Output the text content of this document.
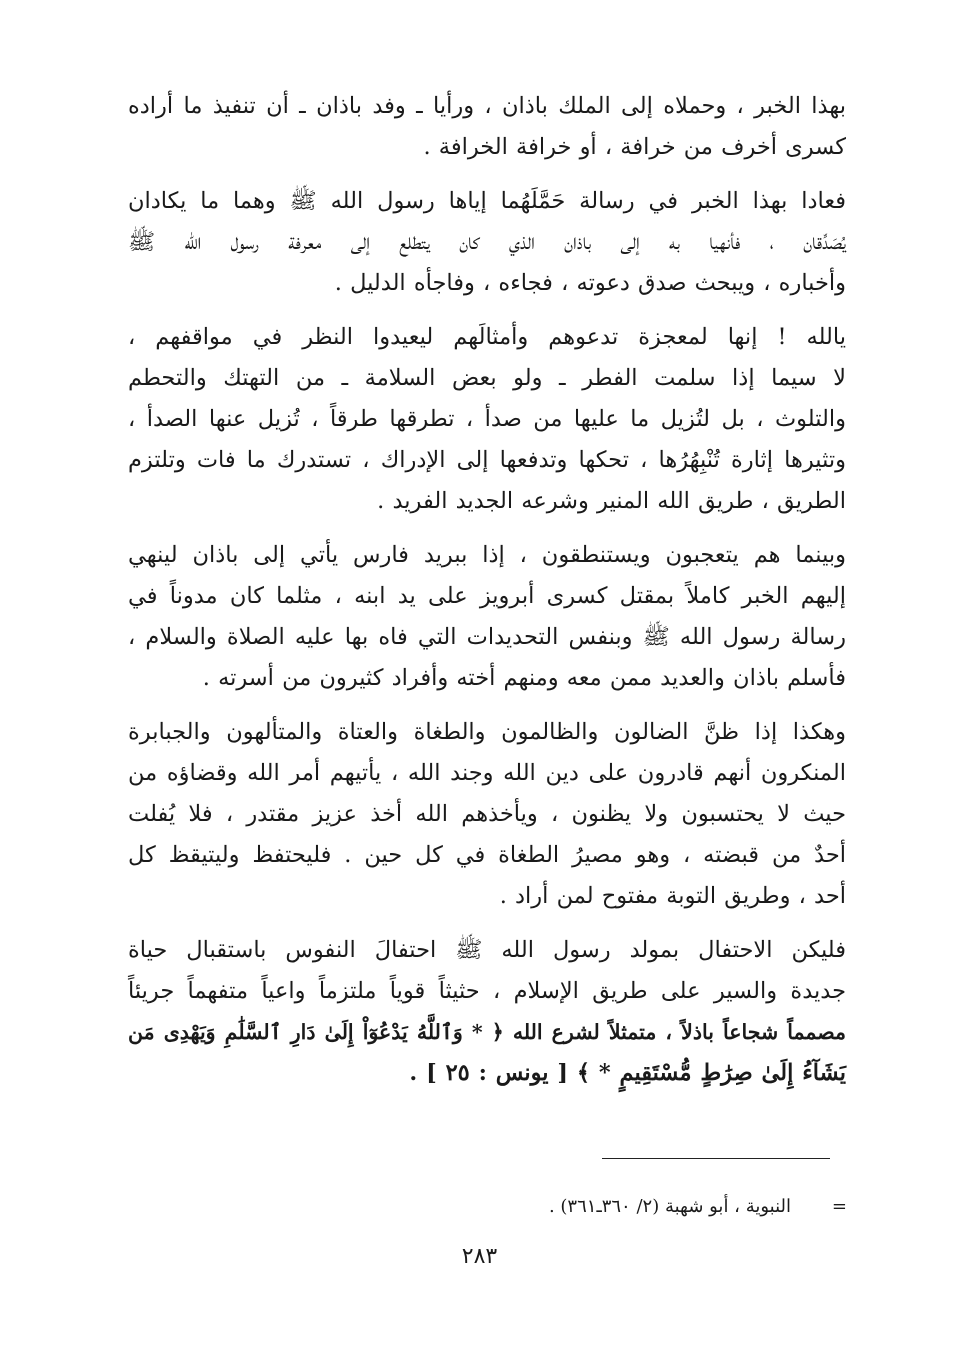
بهذا الخبر ، وحملاه إلى الملك باذان ، ورأيا ـ وفد باذان ـ أن تنفيذ ما أراده
كسرى أخرف من خرافة ، أو خرافة الخرافة .

فعادا بهذا الخبر في رسالة حَمَّلَهُما إياها رسول الله ﷺ وهما ما يكادان
يُصَدِّقان ، فأنهيا به إلى باذان الذي كان يتطلع إلى معرفة رسول الله ﷺ
وأخباره ، ويبحث صدق دعوته ، فجاءه ، وفاجأه الدليل .

يالله ! إنها لمعجزة تدعوهم وأمثالَهم ليعيدوا النظر في مواقفهم ،
لا سيما إذا سلمت الفطر ـ ولو بعض السلامة ـ من التهتك والتحطم
والتلوث ، بل لتُزيل ما عليها من صدأ ، تطرقها طرقاً ، تُزيل عنها الصدأ ،
وتثيرها إثارة تُنْبِهُرُها ، تحكها وتدفعها إلى الإدراك ، تستدرك ما فات وتلتزم
الطريق ، طريق الله المنير وشرعه الجديد الفريد .

وبينما هم يتعجبون ويستنطقون ، إذا ببريد فارس يأتي إلى باذان لينهي
إليهم الخبر كاملاً بمقتل كسرى أبرويز على يد ابنه ، مثلما كان مدوناً في
رسالة رسول الله ﷺ وبنفس التحديدات التي فاه بها عليه الصلاة والسلام ،
فأسلم باذان والعديد ممن معه ومنهم أخته وأفراد كثيرون من أسرته .

وهكذا إذا ظنَّ الضالون والظالمون والطغاة والعتاة والمتألهون والجبابرة
المنكرون أنهم قادرون على دين الله وجند الله ، يأتيهم أمر الله وقضاؤه من
حيث لا يحتسبون ولا يظنون ، ويأخذهم الله أخذ عزيز مقتدر ، فلا يُفلت
أحدٌ من قبضته ، وهو مصيرُ الطغاة في كل حين . فليحتفظ وليتيقظ كل
أحد ، وطريق التوبة مفتوح لمن أراد .

فليكن الاحتفال بمولد رسول الله ﷺ احتفالَ النفوس باستقبال حياة
جديدة والسير على طريق الإسلام ، حثيثاً قوياً ملتزماً واعياً متفهماً جريئاً
مصمماً شجاعاً باذلاً ، متمثلاً لشرع الله ﴿ * وَٱللَّهُ يَدْعُوٓاْ إِلَىٰ دَارِ ٱلسَّلَٰمِ وَيَهْدِى مَن
يَشَآءُ إِلَىٰ صِرَٰطٍ مُّسْتَقِيمٍ * ﴾ [ يونس : ٢٥ ] .

=النبوية ، أبو شهبة (٢/ ٣٦٠ـ٣٦١) .
٢٨٣
